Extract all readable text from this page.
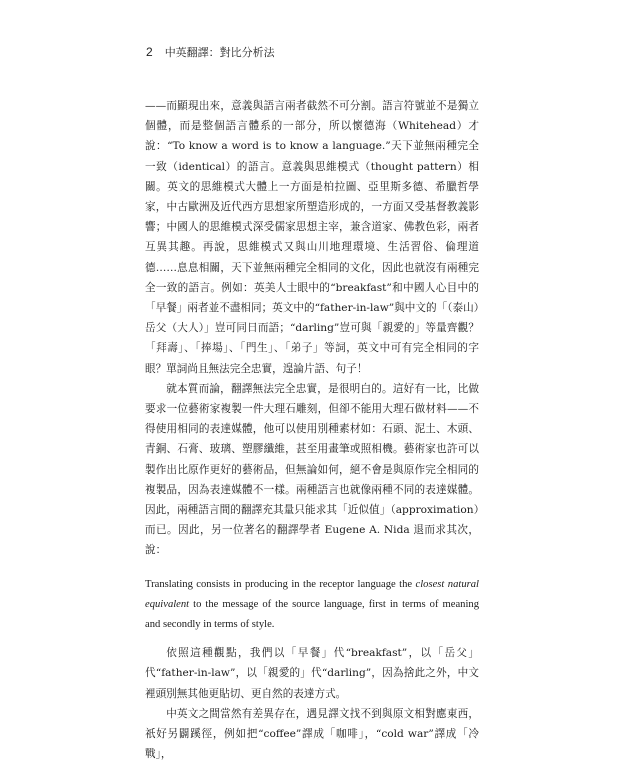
2 中英翻譯：對比分析法

——而顯現出來，意義與語言兩者截然不可分割。語言符號並不是獨立個體，而是整個語言體系的一部分，所以懷德海（Whitehead）才說：“To know a word is to know a language.”天下並無兩種完全一致（identical）的語言。意義與思維模式（thought pattern）相關。英文的思維模式大體上一方面是柏拉圖、亞里斯多德、希臘哲學家，中古歐洲及近代西方思想家所塑造形成的，一方面又受基督教義影響；中國人的思維模式深受儒家思想主宰，兼含道家、佛教色彩，兩者互異其趣。再說，思維模式又與山川地理環境、生活習俗、倫理道德……息息相關，天下並無兩種完全相同的文化，因此也就沒有兩種完全一致的語言。例如：英美人士眼中的“breakfast”和中國人心目中的「早餐」兩者並不盡相同；英文中的“father-in-law”與中文的「（泰山）岳父（大人）」豈可同日而語；“darling”豈可與「親愛的」等量齊觀？「拜壽」、「捧場」、「門生」、「弟子」等詞，英文中可有完全相同的字眼？單詞尚且無法完全忠實，遑論片語、句子！

就本質而論，翻譯無法完全忠實，是很明白的。這好有一比，比做要求一位藝術家複製一件大理石雕刻，但卻不能用大理石做材料——不得使用相同的表達媒體，他可以使用別種素材如：石頭、泥土、木頭、青銅、石膏、玻璃、塑膠纖維，甚至用畫筆或照相機。藝術家也許可以製作出比原作更好的藝術品，但無論如何，絕不會是與原作完全相同的複製品，因為表達媒體不一樣。兩種語言也就像兩種不同的表達媒體。因此，兩種語言間的翻譯充其量只能求其「近似值」（approximation）而已。因此，另一位著名的翻譯學者 Eugene A. Nida 退而求其次，說：

Translating consists in producing in the receptor language the closest natural equivalent to the message of the source language, first in terms of meaning and secondly in terms of style.

依照這種觀點，我們以「早餐」代“breakfast”，以「岳父」代“father-in-law”，以「親愛的」代“darling”，因為捨此之外，中文裡頭別無其他更貼切、更自然的表達方式。

中英文之間當然有差異存在，遇見譯文找不到與原文相對應東西，祇好另闢蹊徑，例如把“coffee”譯成「咖啡」，“cold war”譯成「冷戰」，
